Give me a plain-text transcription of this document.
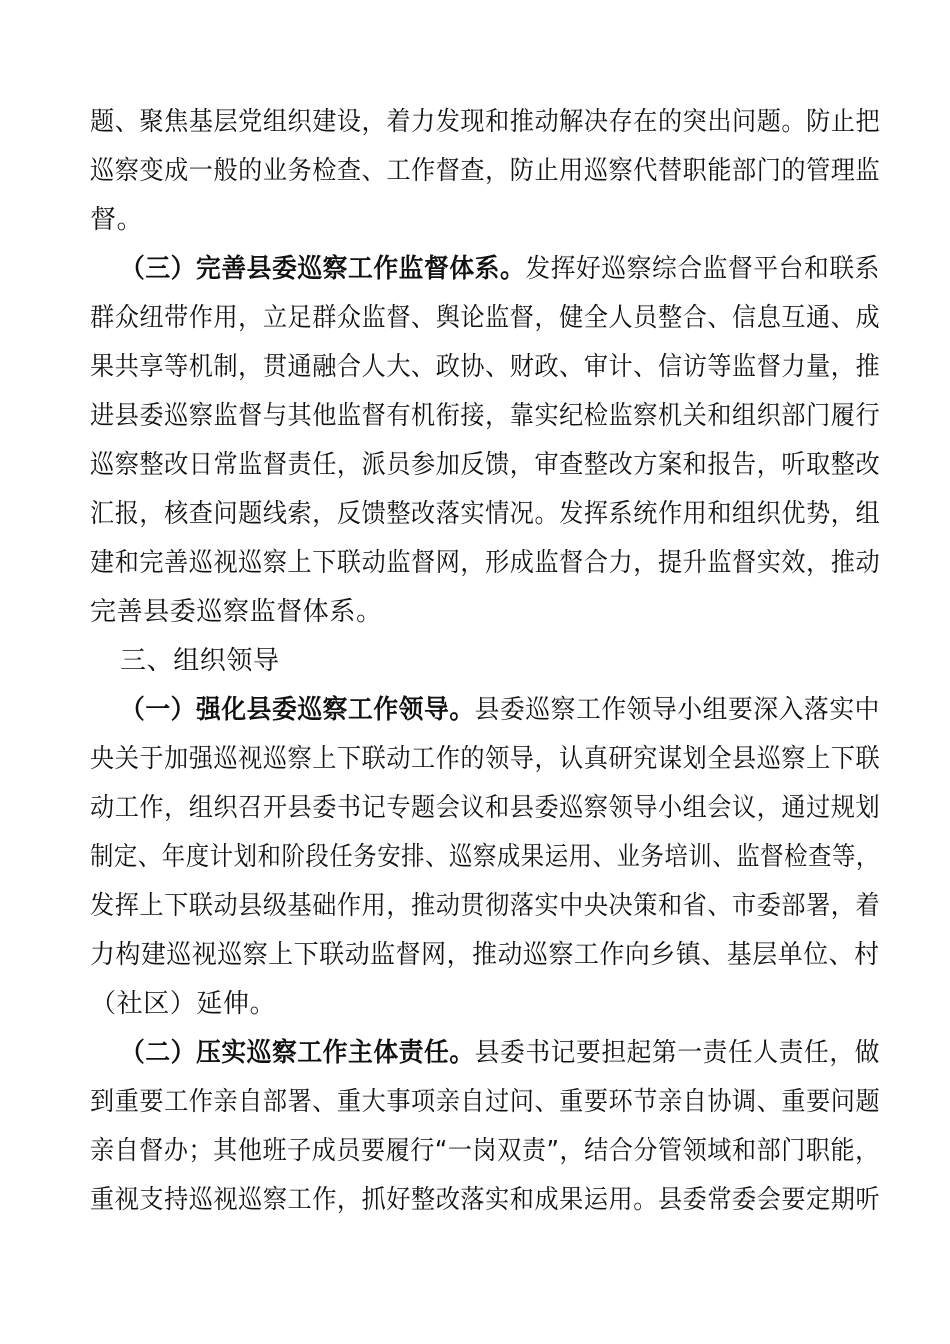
题、聚焦基层党组织建设，着力发现和推动解决存在的突出问题。防止把
巡察变成一般的业务检查、工作督查，防止用巡察代替职能部门的管理监
督。
（三）完善县委巡察工作监督体系。发挥好巡察综合监督平台和联系
群众纽带作用，立足群众监督、舆论监督，健全人员整合、信息互通、成
果共享等机制，贯通融合人大、政协、财政、审计、信访等监督力量，推
进县委巡察监督与其他监督有机衔接，靠实纪检监察机关和组织部门履行
巡察整改日常监督责任，派员参加反馈，审查整改方案和报告，听取整改
汇报，核查问题线索，反馈整改落实情况。发挥系统作用和组织优势，组
建和完善巡视巡察上下联动监督网，形成监督合力，提升监督实效，推动
完善县委巡察监督体系。
三、组织领导
（一）强化县委巡察工作领导。县委巡察工作领导小组要深入落实中
央关于加强巡视巡察上下联动工作的领导，认真研究谋划全县巡察上下联
动工作，组织召开县委书记专题会议和县委巡察领导小组会议，通过规划
制定、年度计划和阶段任务安排、巡察成果运用、业务培训、监督检查等，
发挥上下联动县级基础作用，推动贯彻落实中央决策和省、市委部署，着
力构建巡视巡察上下联动监督网，推动巡察工作向乡镇、基层单位、村
（社区）延伸。
（二）压实巡察工作主体责任。县委书记要担起第一责任人责任，做
到重要工作亲自部署、重大事项亲自过问、重要环节亲自协调、重要问题
亲自督办；其他班子成员要履行“一岗双责”，结合分管领域和部门职能，
重视支持巡视巡察工作，抓好整改落实和成果运用。县委常委会要定期听
